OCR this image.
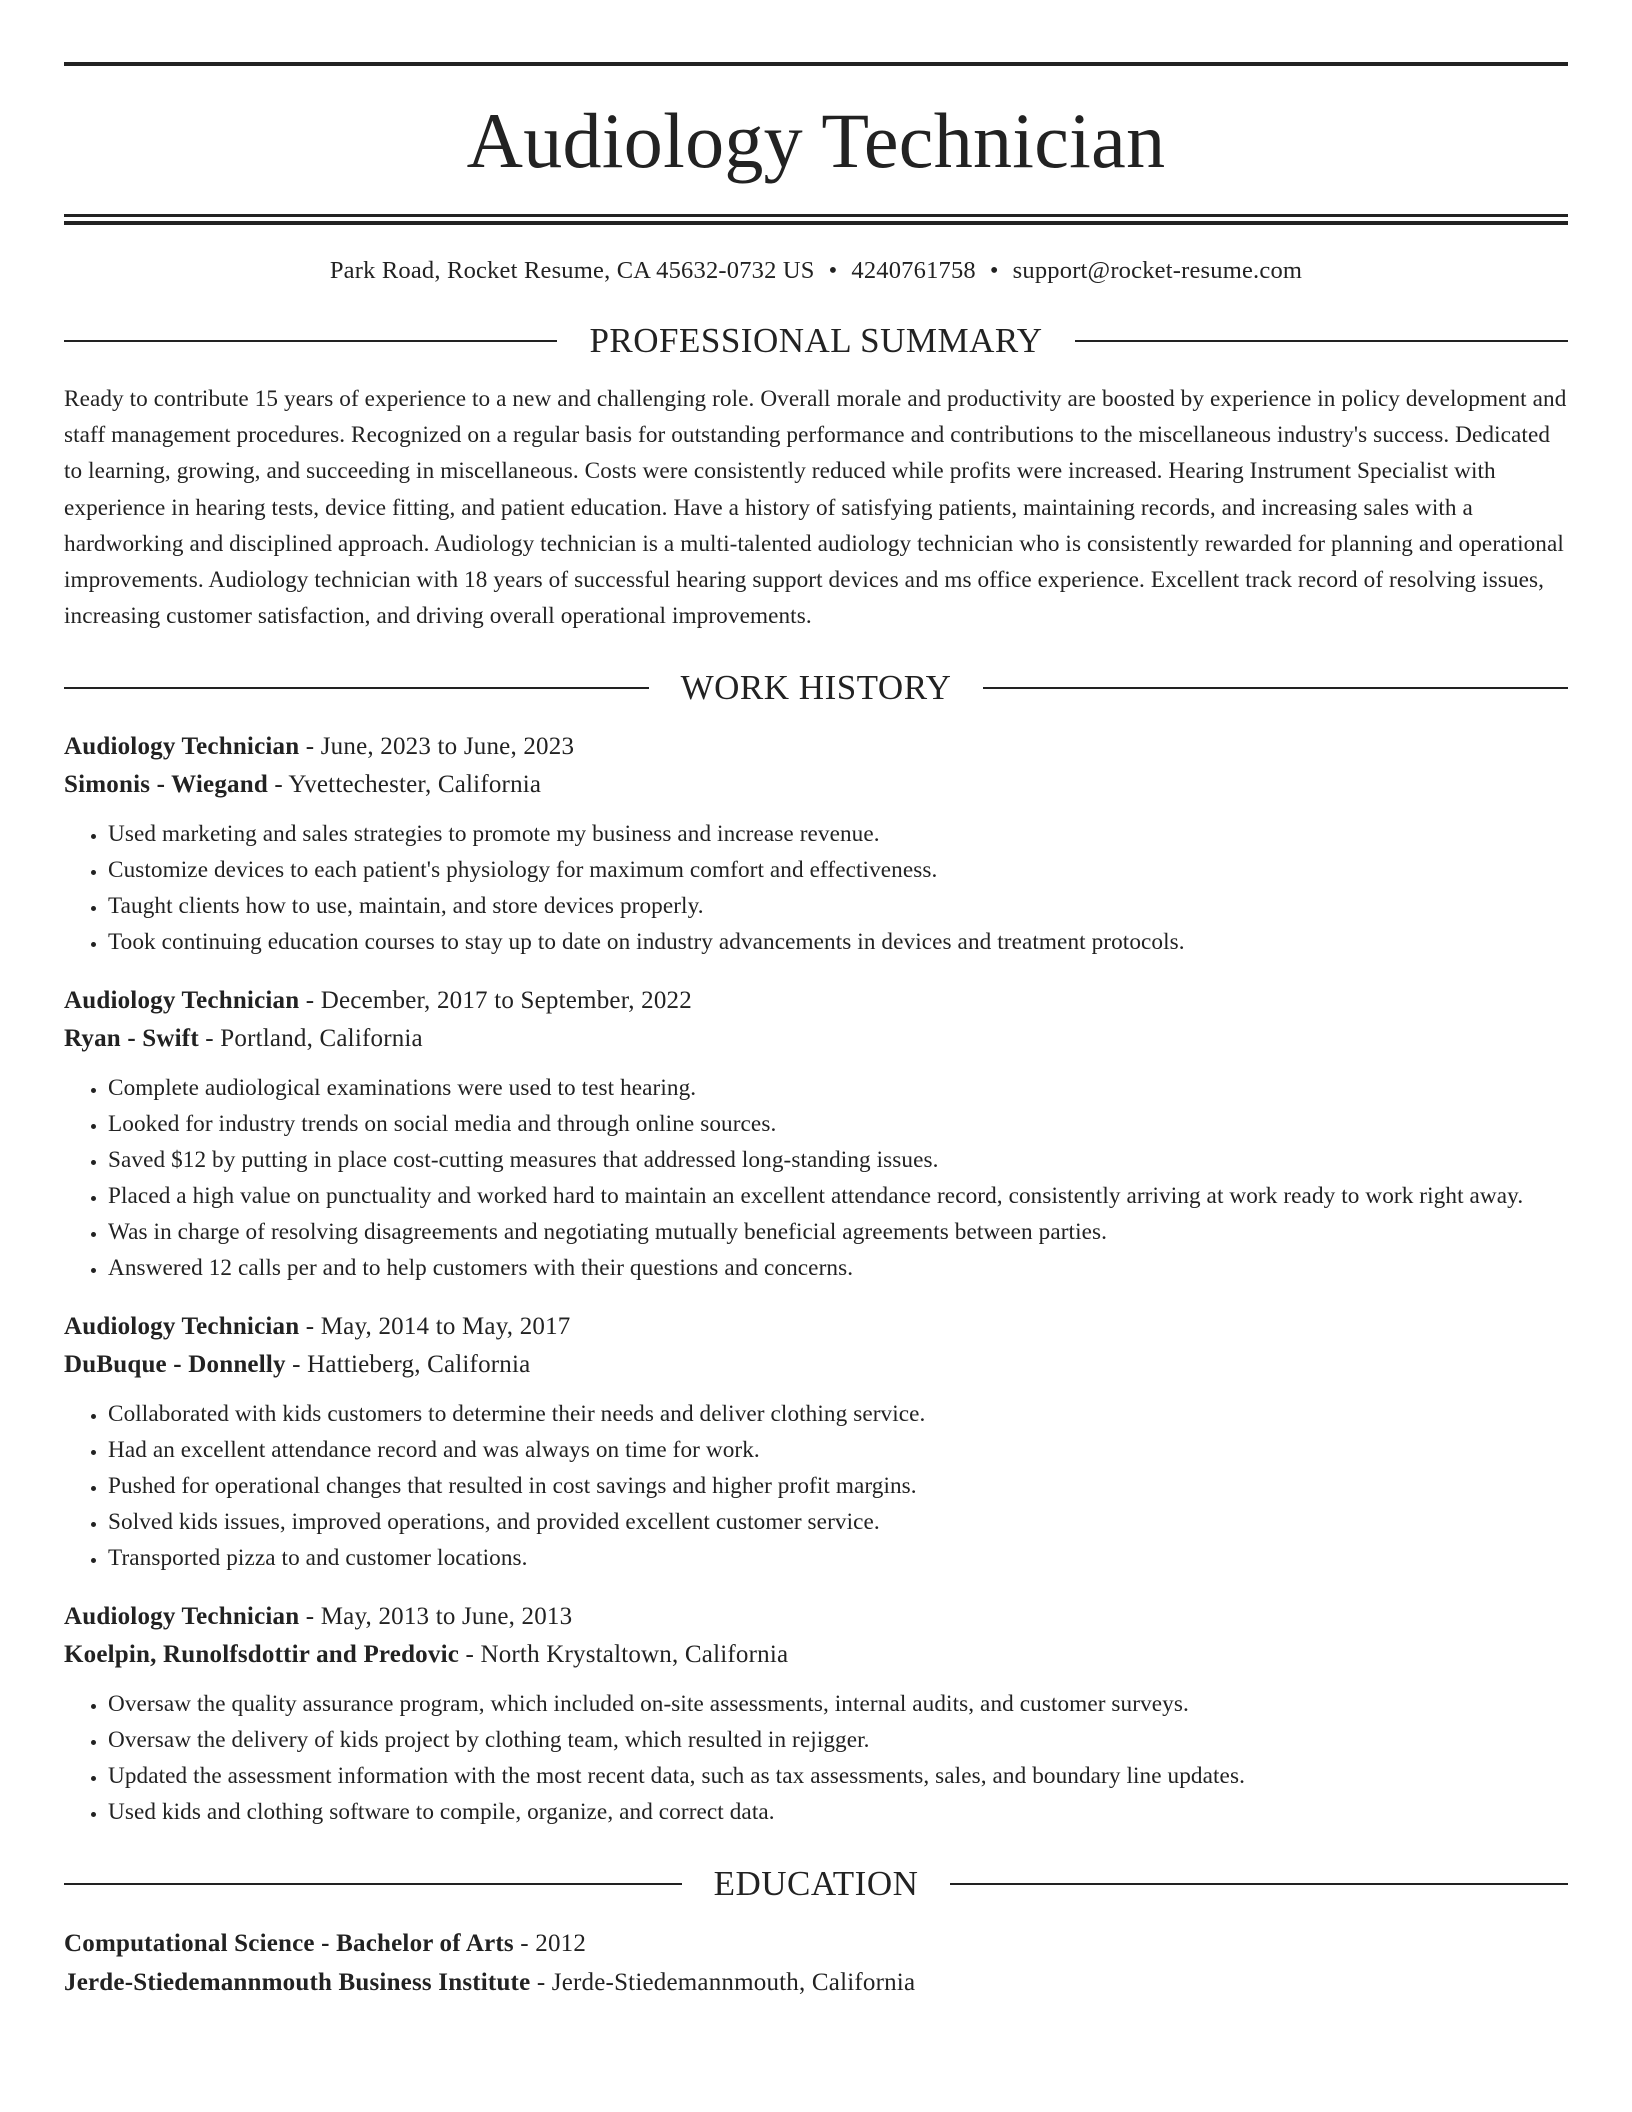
Audiology Technician
Park Road, Rocket Resume, CA 45632-0732 US • 4240761758 • support@rocket-resume.com
PROFESSIONAL SUMMARY

Ready to contribute 15 years of experience to a new and challenging role. Overall morale and productivity are boosted by experience in policy development and staff management procedures. Recognized on a regular basis for outstanding performance and contributions to the miscellaneous industry's success. Dedicated to learning, growing, and succeeding in miscellaneous. Costs were consistently reduced while profits were increased. Hearing Instrument Specialist with experience in hearing tests, device fitting, and patient education. Have a history of satisfying patients, maintaining records, and increasing sales with a hardworking and disciplined approach. Audiology technician is a multi-talented audiology technician who is consistently rewarded for planning and operational improvements. Audiology technician with 18 years of successful hearing support devices and ms office experience. Excellent track record of resolving issues, increasing customer satisfaction, and driving overall operational improvements.

WORK HISTORY
Audiology Technician - June, 2023 to June, 2023
Simonis - Wiegand - Yvettechester, California
• Used marketing and sales strategies to promote my business and increase revenue.
• Customize devices to each patient's physiology for maximum comfort and effectiveness.
• Taught clients how to use, maintain, and store devices properly.
• Took continuing education courses to stay up to date on industry advancements in devices and treatment protocols.
Audiology Technician - December, 2017 to September, 2022
Ryan - Swift - Portland, California
• Complete audiological examinations were used to test hearing.
• Looked for industry trends on social media and through online sources.
• Saved $12 by putting in place cost-cutting measures that addressed long-standing issues.
• Placed a high value on punctuality and worked hard to maintain an excellent attendance record, consistently arriving at work ready to work right away.
• Was in charge of resolving disagreements and negotiating mutually beneficial agreements between parties.
• Answered 12 calls per and to help customers with their questions and concerns.
Audiology Technician - May, 2014 to May, 2017
DuBuque - Donnelly - Hattieberg, California
• Collaborated with kids customers to determine their needs and deliver clothing service.
• Had an excellent attendance record and was always on time for work.
• Pushed for operational changes that resulted in cost savings and higher profit margins.
• Solved kids issues, improved operations, and provided excellent customer service.
• Transported pizza to and customer locations.
Audiology Technician - May, 2013 to June, 2013
Koelpin, Runolfsdottir and Predovic - North Krystaltown, California
• Oversaw the quality assurance program, which included on-site assessments, internal audits, and customer surveys.
• Oversaw the delivery of kids project by clothing team, which resulted in rejigger.
• Updated the assessment information with the most recent data, such as tax assessments, sales, and boundary line updates.
• Used kids and clothing software to compile, organize, and correct data.
EDUCATION
Computational Science - Bachelor of Arts - 2012
Jerde-Stiedemannmouth Business Institute - Jerde-Stiedemannmouth, California
